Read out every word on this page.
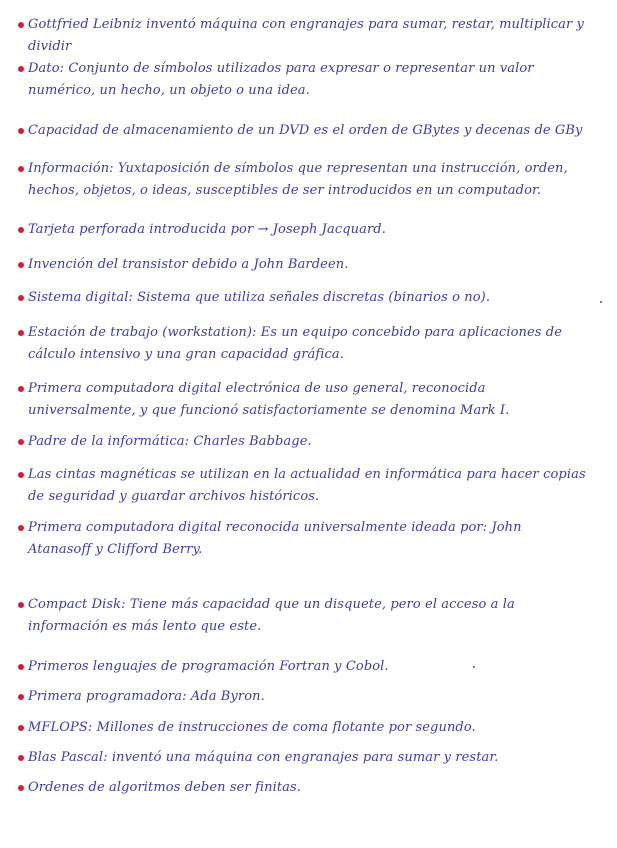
Gottfried Leibniz inventó máquina con engranajes para sumar, restar, multiplicar y dividir
Dato: Conjunto de símbolos utilizados para expresar o representar un valor numérico, un hecho, un objeto o una idea.
Capacidad de almacenamiento de un DVD es el orden de GBytes y decenas de GBy
Información: Yuxtaposición de símbolos que representan una instrucción, orden, hechos, objetos, o ideas, susceptibles de ser introducidos en un computador.
Tarjeta perforada introducida por → Joseph Jacquard.
Invención del transistor debido a John Bardeen.
Sistema digital: Sistema que utiliza señales discretas (binarios o no).
Estación de trabajo (workstation): Es un equipo concebido para aplicaciones de cálculo intensivo y una gran capacidad gráfica.
Primera computadora digital electrónica de uso general, reconocida universalmente, y que funcionó satisfactoriamente se denomina Mark I.
Padre de la informática: Charles Babbage.
Las cintas magnéticas se utilizan en la actualidad en informática para hacer copias de seguridad y guardar archivos históricos.
Primera computadora digital reconocida universalmente ideada por: John Atanasoff y Clifford Berry.
Compact Disk: Tiene más capacidad que un disquete, pero el acceso a la información es más lento que este.
Primeros lenguajes de programación Fortran y Cobol.
Primera programadora: Ada Byron.
MFLOPS: Millones de instrucciones de coma flotante por segundo.
Blas Pascal: inventó una máquina con engranajes para sumar y restar.
Ordenes de algoritmos deben ser finitas.
